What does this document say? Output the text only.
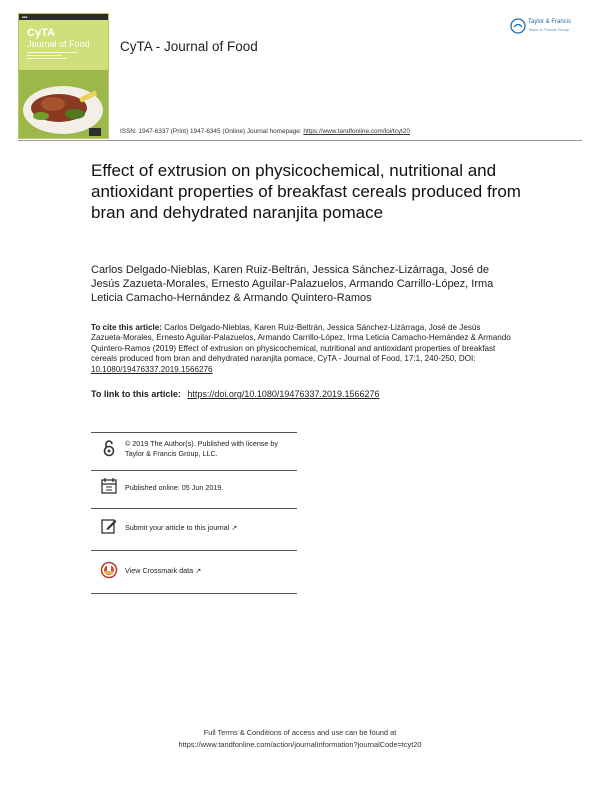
■■■
CyTA
Journal of Food CyTA - Journal of Food
Taylor & Francis
Taylor & Francis Group
ISSN: 1947-6337 (Print) 1947-6345 (Online) Journal homepage: https://www.tandfonline.com/loi/tcyt20
Effect of extrusion on physicochemical, nutritional and antioxidant properties of breakfast cereals produced from bran and dehydrated naranjita pomace
Carlos Delgado-Nieblas, Karen Ruiz-Beltrán, Jessica Sánchez-Lizárraga, José de Jesús Zazueta-Morales, Ernesto Aguilar-Palazuelos, Armando Carrillo-López, Irma Leticia Camacho-Hernández & Armando Quintero-Ramos
To cite this article: Carlos Delgado-Nieblas, Karen Ruiz-Beltrán, Jessica Sánchez-Lizárraga, José de Jesús Zazueta-Morales, Ernesto Aguilar-Palazuelos, Armando Carrillo-López, Irma Leticia Camacho-Hernández & Armando Quintero-Ramos (2019) Effect of extrusion on physicochemical, nutritional and antioxidant properties of breakfast cereals produced from bran and dehydrated naranjita pomace, CyTA - Journal of Food, 17:1, 240-250, DOI: 10.1080/19476337.2019.1566276
To link to this article: https://doi.org/10.1080/19476337.2019.1566276
© 2019 The Author(s). Published with license by Taylor & Francis Group, LLC.
Published online: 05 Jun 2019.
Submit your article to this journal ↗
View Crossmark data ↗
Full Terms & Conditions of access and use can be found at
https://www.tandfonline.com/action/journalInformation?journalCode=tcyt20
